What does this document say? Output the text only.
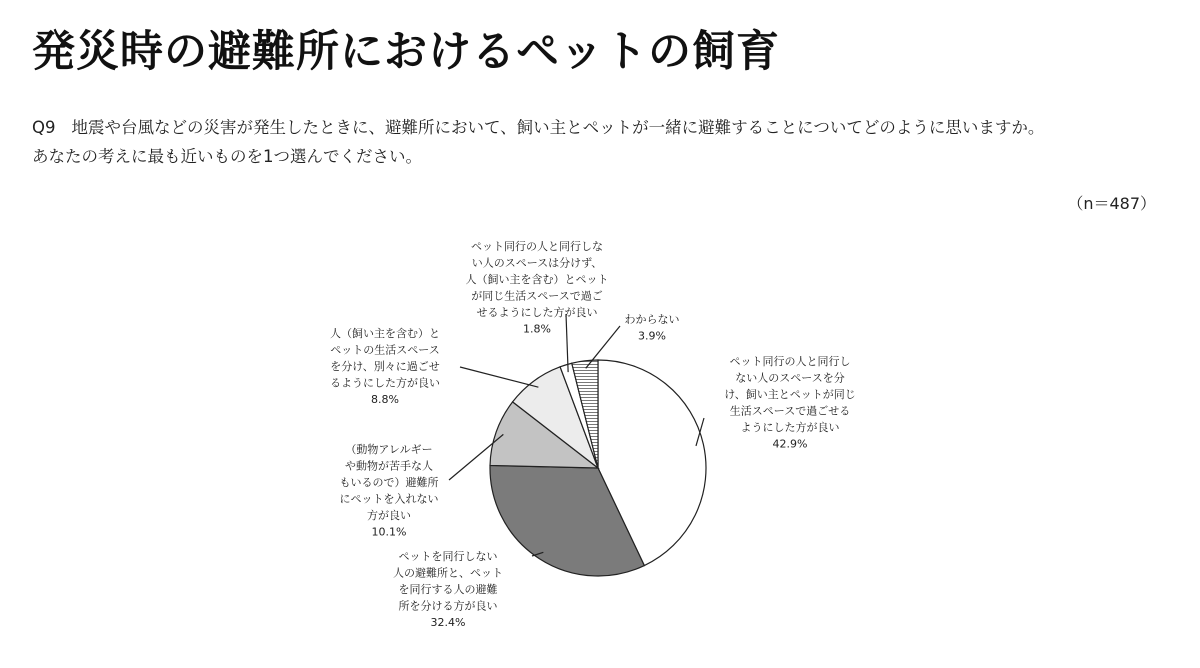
発災時の避難所におけるペットの飼育
Q9 地震や台風などの災害が発生したときに、避難所において、飼い主とペットが一緒に避難することについてどのように思いますか。
あなたの考えに最も近いものを1つ選んでください。
（n＝487）
ペット同行の人と同行し
ない人のスペースを分
け、飼い主とペットが同じ
生活スペースで過ごせる
ようにした方が良い
42.9%
ペットを同行しない
人の避難所と、ペット
を同行する人の避難
所を分ける方が良い
32.4%
（動物アレルギー
や動物が苦手な人
もいるので）避難所
にペットを入れない
方が良い
10.1%
人（飼い主を含む）と
ペットの生活スペース
を分け、別々に過ごせ
るようにした方が良い
8.8%
ペット同行の人と同行しな
い人のスペースは分けず、
人（飼い主を含む）とペット
が同じ生活スペースで過ご
せるようにした方が良い
1.8%
わからない
3.9%
